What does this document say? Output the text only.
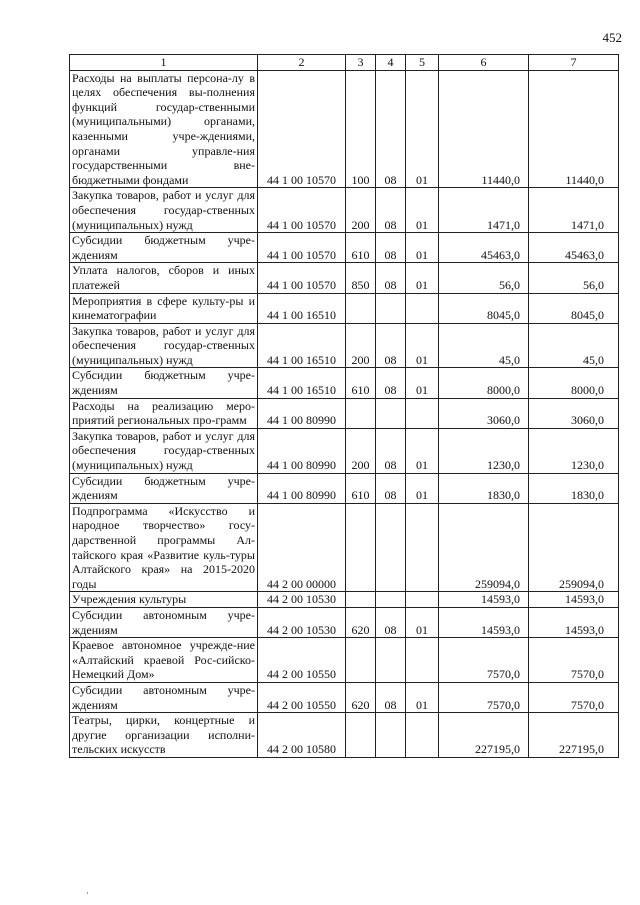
452
1	2	3	4	5	6	7
Расходы на выплаты персона-лу в целях обеспечения вы-полнения функций государ-ственными (муниципальными) органами, казенными учре-ждениями, органами управле-ния государственными вне-бюджетными фондами	44 1 00 10570	100	08	01	11440,0	11440,0
Закупка товаров, работ и услуг для обеспечения государ-ственных (муниципальных) нужд	44 1 00 10570	200	08	01	1471,0	1471,0
Субсидии бюджетным учре-ждениям	44 1 00 10570	610	08	01	45463,0	45463,0
Уплата налогов, сборов и иных платежей	44 1 00 10570	850	08	01	56,0	56,0
Мероприятия в сфере культу-ры и кинематографии	44 1 00 16510				8045,0	8045,0
Закупка товаров, работ и услуг для обеспечения государ-ственных (муниципальных) нужд	44 1 00 16510	200	08	01	45,0	45,0
Субсидии бюджетным учре-ждениям	44 1 00 16510	610	08	01	8000,0	8000,0
Расходы на реализацию меро-приятий региональных про-грамм	44 1 00 80990				3060,0	3060,0
Закупка товаров, работ и услуг для обеспечения государ-ственных (муниципальных) нужд	44 1 00 80990	200	08	01	1230,0	1230,0
Субсидии бюджетным учре-ждениям	44 1 00 80990	610	08	01	1830,0	1830,0
Подпрограмма «Искусство и народное творчество» госу-дарственной программы Ал-тайского края «Развитие куль-туры Алтайского края» на 2015-2020 годы	44 2 00 00000				259094,0	259094,0
Учреждения культуры	44 2 00 10530				14593,0	14593,0
Субсидии автономным учре-ждениям	44 2 00 10530	620	08	01	14593,0	14593,0
Краевое автономное учрежде-ние «Алтайский краевой Рос-сийско-Немецкий Дом»	44 2 00 10550				7570,0	7570,0
Субсидии автономным учре-ждениям	44 2 00 10550	620	08	01	7570,0	7570,0
Театры, цирки, концертные и другие организации исполни-тельских искусств	44 2 00 10580				227195,0	227195,0
